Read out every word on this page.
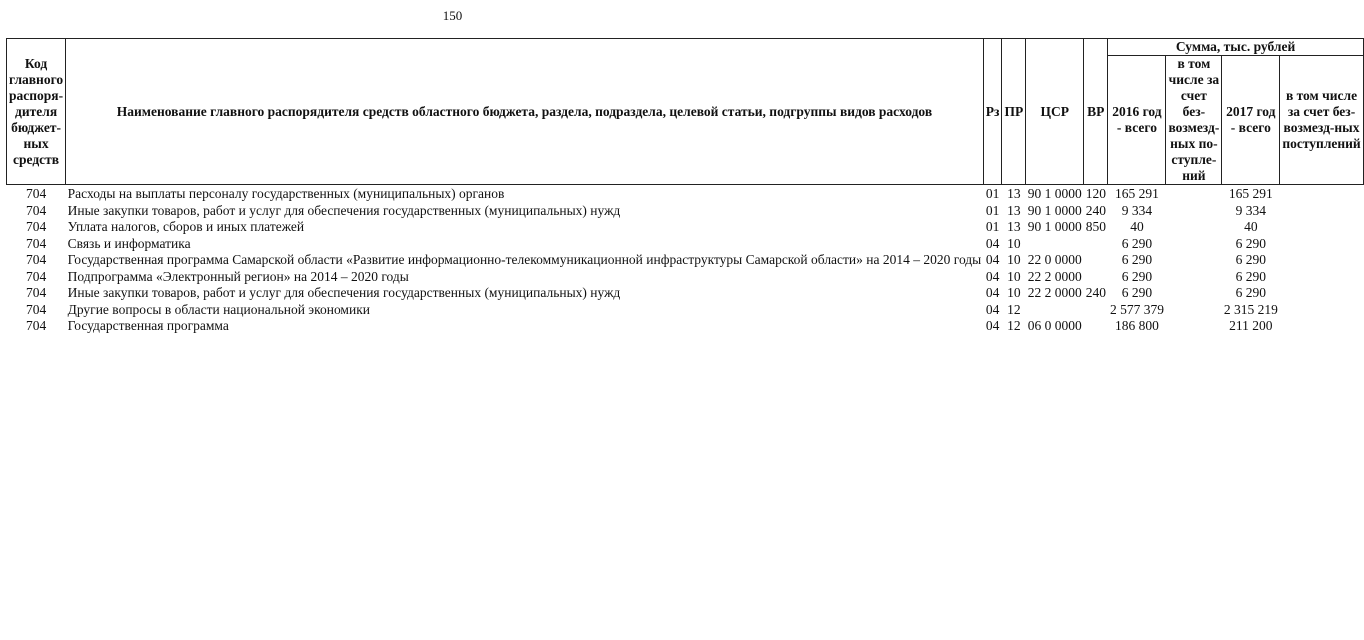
150
Код главного распоря-дителя бюджет-ных средств	Наименование главного распорядителя средств областного бюджета, раздела, подраздела, целевой статьи, подгруппы видов расходов	Рз	ПР	ЦСР	ВР	Сумма, тыс. рублей			
						2016 год - всего	в том числе за счет без-возмезд-ных по-ступле-ний	2017 год - всего	в том числе за счет без-возмезд-ных поступлений
704	Расходы на выплаты персоналу государственных (муниципальных) органов	01	13	90 1 0000	120	165 291		165 291	
704	Иные закупки товаров, работ и услуг для обеспечения государственных (муниципальных) нужд	01	13	90 1 0000	240	9 334		9 334	
704	Уплата налогов, сборов и иных платежей	01	13	90 1 0000	850	40		40	
704	Связь и информатика	04	10			6 290		6 290	
704	Государственная программа Самарской области «Развитие информационно-телекоммуникационной инфраструктуры Самарской области» на 2014 – 2020 годы	04	10	22 0 0000		6 290		6 290	
704	Подпрограмма «Электронный регион» на 2014 – 2020 годы	04	10	22 2 0000		6 290		6 290	
704	Иные закупки товаров, работ и услуг для обеспечения государственных (муниципальных) нужд	04	10	22 2 0000	240	6 290		6 290	
704	Другие вопросы в области национальной экономики	04	12			2 577 379		2 315 219	
704	Государственная программа	04	12	06 0 0000		186 800		211 200	
